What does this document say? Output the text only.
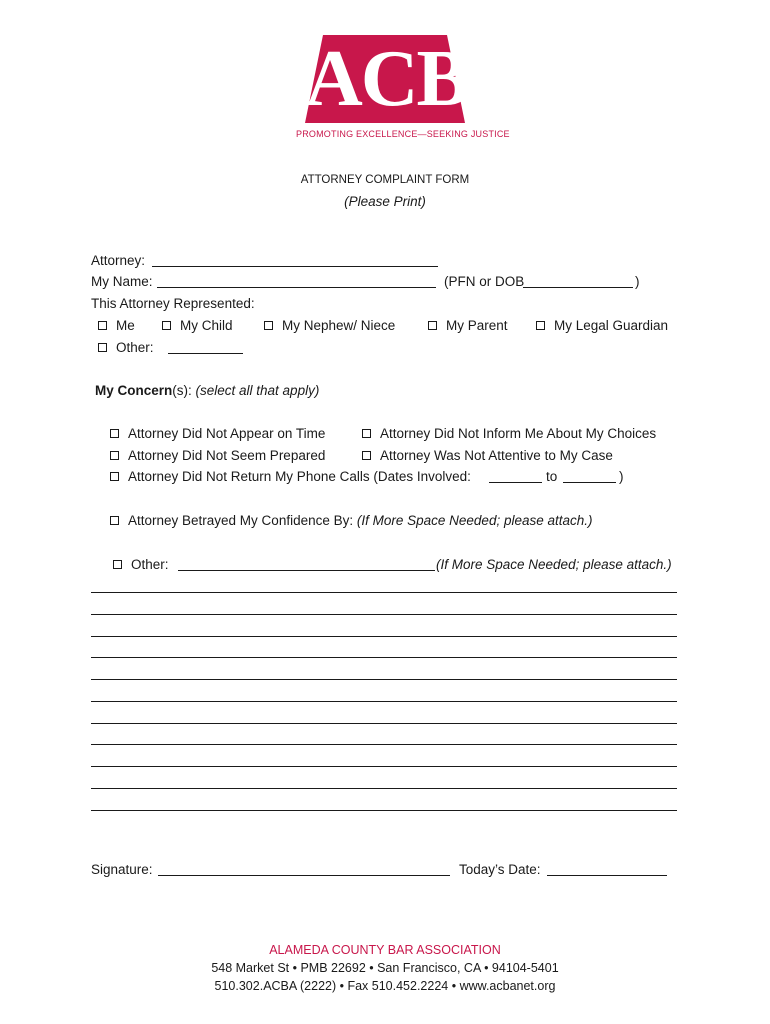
ACBA
PROMOTING EXCELLENCE—SEEKING JUSTICE
ATTORNEY COMPLAINT FORM
(Please Print)
Attorney:
My Name:	(PFN or DOB	)
This Attorney Represented:
Me	My Child	My Nephew/ Niece	My Parent	My Legal Guardian
Other:
My Concern(s): (select all that apply)
Attorney Did Not Appear on Time	Attorney Did Not Inform Me About My Choices
Attorney Did Not Seem Prepared	Attorney Was Not Attentive to My Case
Attorney Did Not Return My Phone Calls (Dates Involved:	to	)
Attorney Betrayed My Confidence By: (If More Space Needed; please attach.)
Other:	(If More Space Needed; please attach.)
Signature:	Today’s Date:
ALAMEDA COUNTY BAR ASSOCIATION
548 Market St • PMB 22692 • San Francisco, CA • 94104-5401
510.302.ACBA (2222) • Fax 510.452.2224 • www.acbanet.org
